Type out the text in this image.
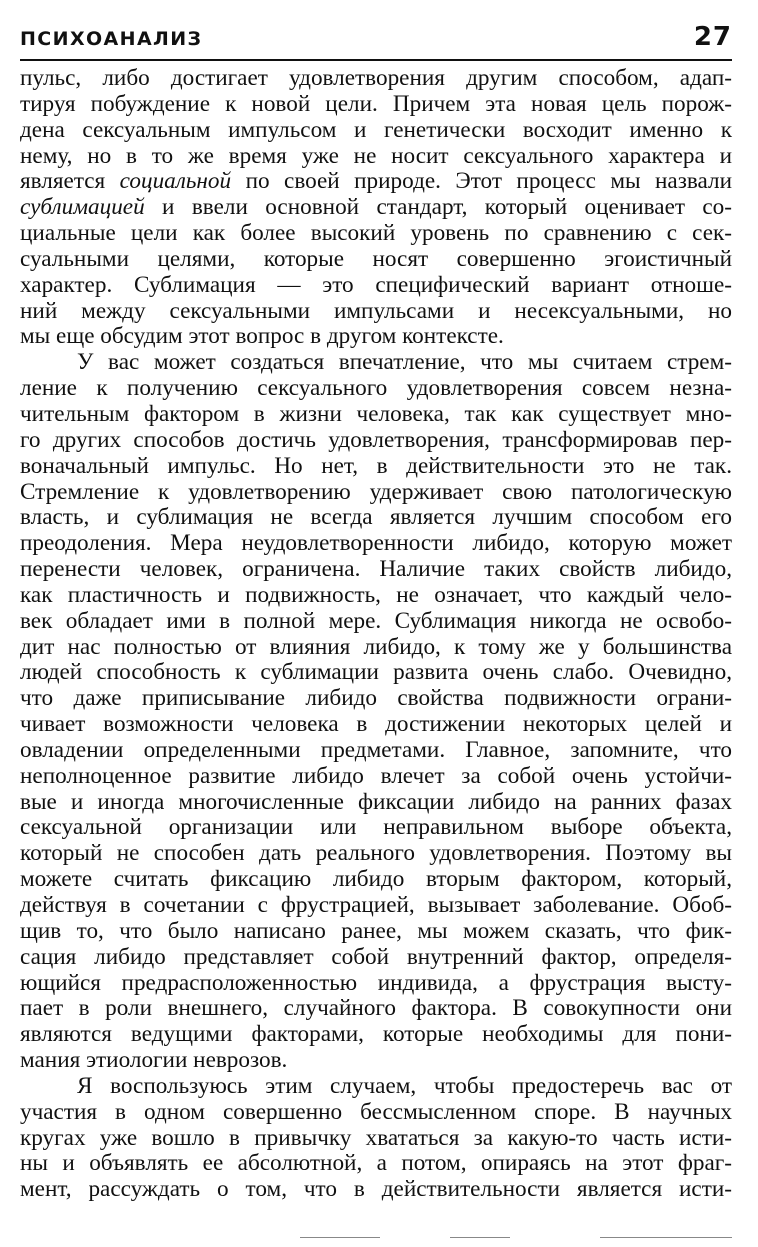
ПСИХОАНАЛИЗ	27
пульс, либо достигает удовлетворения другим способом, адап-
тируя побуждение к новой цели. Причем эта новая цель порож-
дена сексуальным импульсом и генетически восходит именно к
нему, но в то же время уже не носит сексуального характера и
является социальной по своей природе. Этот процесс мы назвали
сублимацией и ввели основной стандарт, который оценивает со-
циальные цели как более высокий уровень по сравнению с сек-
суальными целями, которые носят совершенно эгоистичный
характер. Сублимация — это специфический вариант отноше-
ний между сексуальными импульсами и несексуальными, но
мы еще обсудим этот вопрос в другом контексте.
У вас может создаться впечатление, что мы считаем стрем-
ление к получению сексуального удовлетворения совсем незна-
чительным фактором в жизни человека, так как существует мно-
го других способов достичь удовлетворения, трансформировав пер-
воначальный импульс. Но нет, в действительности это не так.
Стремление к удовлетворению удерживает свою патологическую
власть, и сублимация не всегда является лучшим способом его
преодоления. Мера неудовлетворенности либидо, которую может
перенести человек, ограничена. Наличие таких свойств либидо,
как пластичность и подвижность, не означает, что каждый чело-
век обладает ими в полной мере. Сублимация никогда не освобо-
дит нас полностью от влияния либидо, к тому же у большинства
людей способность к сублимации развита очень слабо. Очевидно,
что даже приписывание либидо свойства подвижности ограни-
чивает возможности человека в достижении некоторых целей и
овладении определенными предметами. Главное, запомните, что
неполноценное развитие либидо влечет за собой очень устойчи-
вые и иногда многочисленные фиксации либидо на ранних фазах
сексуальной организации или неправильном выборе объекта,
который не способен дать реального удовлетворения. Поэтому вы
можете считать фиксацию либидо вторым фактором, который,
действуя в сочетании с фрустрацией, вызывает заболевание. Обоб-
щив то, что было написано ранее, мы можем сказать, что фик-
сация либидо представляет собой внутренний фактор, определя-
ющийся предрасположенностью индивида, а фрустрация высту-
пает в роли внешнего, случайного фактора. В совокупности они
являются ведущими факторами, которые необходимы для пони-
мания этиологии неврозов.
Я воспользуюсь этим случаем, чтобы предостеречь вас от
участия в одном совершенно бессмысленном споре. В научных
кругах уже вошло в привычку хвататься за какую-то часть исти-
ны и объявлять ее абсолютной, а потом, опираясь на этот фраг-
мент, рассуждать о том, что в действительности является исти-
